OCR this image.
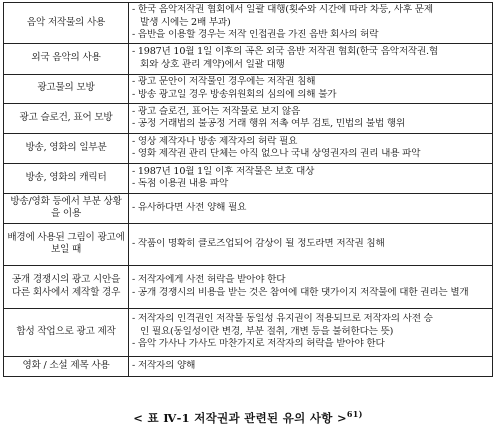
음악 저작물의 사용	- 한국 음악저작권 협회에서 일괄 대행(횟수와 시간에 따라 차등, 사후 문제
발생 시에는 2배 부과)
- 음반을 이용할 경우는 저작 인접권을 가진 음반 회사의 허락

외국 음악의 사용	- 1987년 10월 1일 이후의 곡은 외국 음반 저작권 협회(한국 음악저작권.협
회와 상호 관리 계약)에서 일괄 대행

광고물의 모방	- 광고 문안이 저작물인 경우에는 저작권 침해
- 방송 광고일 경우 방송위원회의 심의에 의해 불가

광고 슬로건, 표어 모방	- 광고 슬로건, 표어는 저작물로 보지 않음
- 공정 거래법의 불공정 거래 행위 저촉 여부 검토, 민법의 불법 행위

방송, 영화의 일부분	- 영상 제작자나 방송 제작자의 허락 필요
- 영화 제작권 관리 단체는 아직 없으나 국내 상영권자의 권리 내용 파악

방송, 영화의 캐릭터	- 1987년 10월 1일 이후 저작물은 보호 대상
- 독점 이용권 내용 파악

방송/영화 등에서 부분 상황을 이용	- 유사하다면 사전 양해 필요

배경에 사용된 그림이 광고에 보일 때	- 작품이 명확히 클로즈업되어 감상이 될 정도라면 저작권 침해

공개 경쟁시의 광고 시안을 다른 회사에서 제작할 경우	- 저작자에게 사전 허락을 받아야 한다
- 공개 경쟁시의 비용을 받는 것은 참여에 대한 댓가이지 저작물에 대한 권리는 별개

합성 작업으로 광고 제작	- 저작자의 인격권인 저작물 동일성 유지권이 적용되므로 저작자의 사전 승
인 필요(동일성이란 변경, 부분 절취, 개변 등을 불허한다는 뜻)
- 음악 가사나 가사도 마찬가지로 저작자의 허락을 받아야 한다

영화 / 소설 제목 사용	- 저작자의 양해
< 표 Ⅳ-1 저작권과 관련된 유의 사항 >$^{61)}$
